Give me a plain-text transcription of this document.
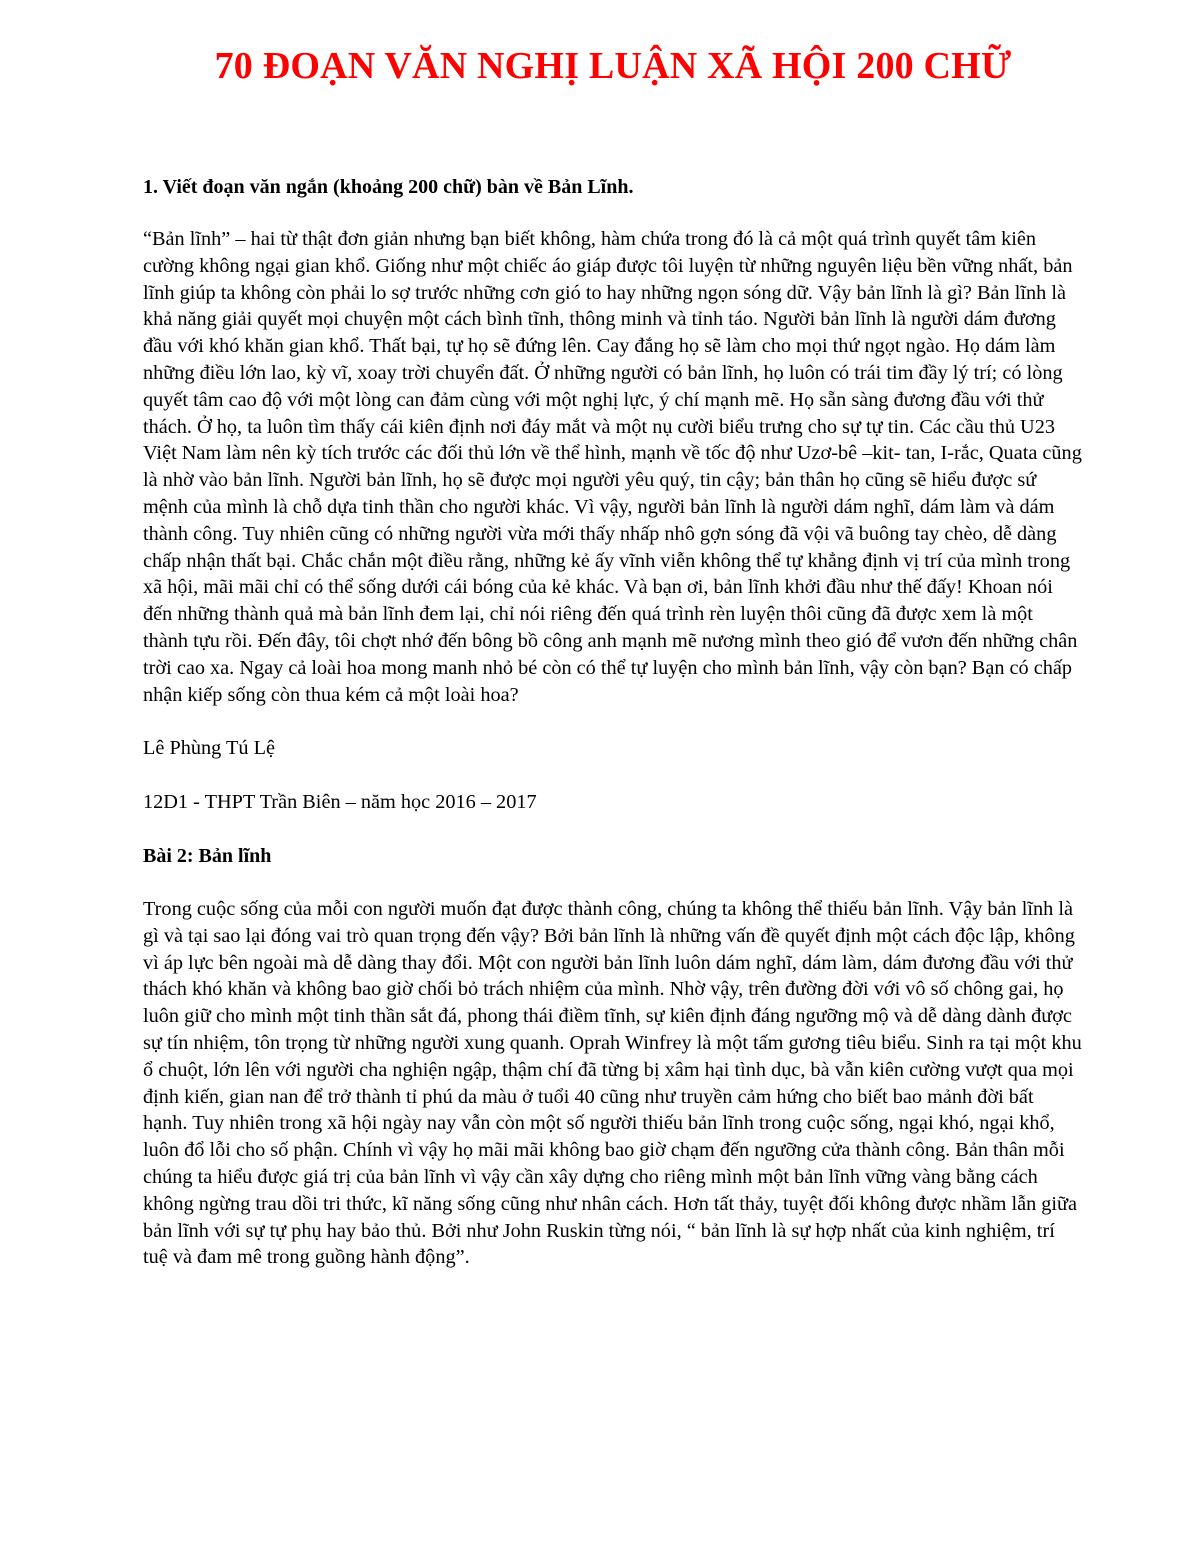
70 ĐOẠN VĂN NGHỊ LUẬN XÃ HỘI 200 CHỮ

1. Viết đoạn văn ngắn (khoảng 200 chữ) bàn về Bản Lĩnh.

“Bản lĩnh” – hai từ thật đơn giản nhưng bạn biết không, hàm chứa trong đó là cả một quá trình quyết tâm kiên cường không ngại gian khổ. Giống như một chiếc áo giáp được tôi luyện từ những nguyên liệu bền vững nhất, bản lĩnh giúp ta không còn phải lo sợ trước những cơn gió to hay những ngọn sóng dữ. Vậy bản lĩnh là gì? Bản lĩnh là khả năng giải quyết mọi chuyện một cách bình tĩnh, thông minh và tỉnh táo. Người bản lĩnh là người dám đương đầu với khó khăn gian khổ. Thất bại, tự họ sẽ đứng lên. Cay đắng họ sẽ làm cho mọi thứ ngọt ngào. Họ dám làm những điều lớn lao, kỳ vĩ, xoay trời chuyển đất. Ở những người có bản lĩnh, họ luôn có trái tim đầy lý trí; có lòng quyết tâm cao độ với một lòng can đảm cùng với một nghị lực, ý chí mạnh mẽ. Họ sẵn sàng đương đầu với thử thách. Ở họ, ta luôn tìm thấy cái kiên định nơi đáy mắt và một nụ cười biểu trưng cho sự tự tin. Các cầu thủ U23 Việt Nam làm nên kỳ tích trước các đối thủ lớn về thể hình, mạnh về tốc độ như Uzơ-bê –kit- tan, I-rắc, Quata cũng là nhờ vào bản lĩnh. Người bản lĩnh, họ sẽ được mọi người yêu quý, tin cậy; bản thân họ cũng sẽ hiểu được sứ mệnh của mình là chỗ dựa tinh thần cho người khác. Vì vậy, người bản lĩnh là người dám nghĩ, dám làm và dám thành công. Tuy nhiên cũng có những người vừa mới thấy nhấp nhô gợn sóng đã vội vã buông tay chèo, dễ dàng chấp nhận thất bại. Chắc chắn một điều rằng, những kẻ ấy vĩnh viễn không thể tự khẳng định vị trí của mình trong xã hội, mãi mãi chỉ có thể sống dưới cái bóng của kẻ khác. Và bạn ơi, bản lĩnh khởi đầu như thế đấy! Khoan nói đến những thành quả mà bản lĩnh đem lại, chỉ nói riêng đến quá trình rèn luyện thôi cũng đã được xem là một thành tựu rồi. Đến đây, tôi chợt nhớ đến bông bồ công anh mạnh mẽ nương mình theo gió để vươn đến những chân trời cao xa. Ngay cả loài hoa mong manh nhỏ bé còn có thể tự luyện cho mình bản lĩnh, vậy còn bạn? Bạn có chấp nhận kiếp sống còn thua kém cả một loài hoa?

Lê Phùng Tú Lệ

12D1 - THPT Trần Biên – năm học 2016 – 2017

Bài 2: Bản lĩnh

Trong cuộc sống của mỗi con người muốn đạt được thành công, chúng ta không thể thiếu bản lĩnh. Vậy bản lĩnh là gì và tại sao lại đóng vai trò quan trọng đến vậy? Bởi bản lĩnh là những vấn đề quyết định một cách độc lập, không vì áp lực bên ngoài mà dễ dàng thay đổi. Một con người bản lĩnh luôn dám nghĩ, dám làm, dám đương đầu với thử thách khó khăn và không bao giờ chối bỏ trách nhiệm của mình. Nhờ vậy, trên đường đời với vô số chông gai, họ luôn giữ cho mình một tinh thần sắt đá, phong thái điềm tĩnh, sự kiên định đáng ngưỡng mộ và dễ dàng dành được sự tín nhiệm, tôn trọng từ những người xung quanh. Oprah Winfrey là một tấm gương tiêu biểu. Sinh ra tại một khu ổ chuột, lớn lên với người cha nghiện ngập, thậm chí đã từng bị xâm hại tình dục, bà vẫn kiên cường vượt qua mọi định kiến, gian nan để trở thành tỉ phú da màu ở tuổi 40 cũng như truyền cảm hứng cho biết bao mảnh đời bất hạnh. Tuy nhiên trong xã hội ngày nay vẫn còn một số người thiếu bản lĩnh trong cuộc sống, ngại khó, ngại khổ, luôn đổ lỗi cho số phận. Chính vì vậy họ mãi mãi không bao giờ chạm đến ngưỡng cửa thành công. Bản thân mỗi chúng ta hiểu được giá trị của bản lĩnh vì vậy cần xây dựng cho riêng mình một bản lĩnh vững vàng bằng cách không ngừng trau dồi tri thức, kĩ năng sống cũng như nhân cách. Hơn tất thảy, tuyệt đối không được nhầm lẫn giữa bản lĩnh với sự tự phụ hay bảo thủ. Bởi như John Ruskin từng nói, “ bản lĩnh là sự hợp nhất của kinh nghiệm, trí tuệ và đam mê trong guồng hành động”.
